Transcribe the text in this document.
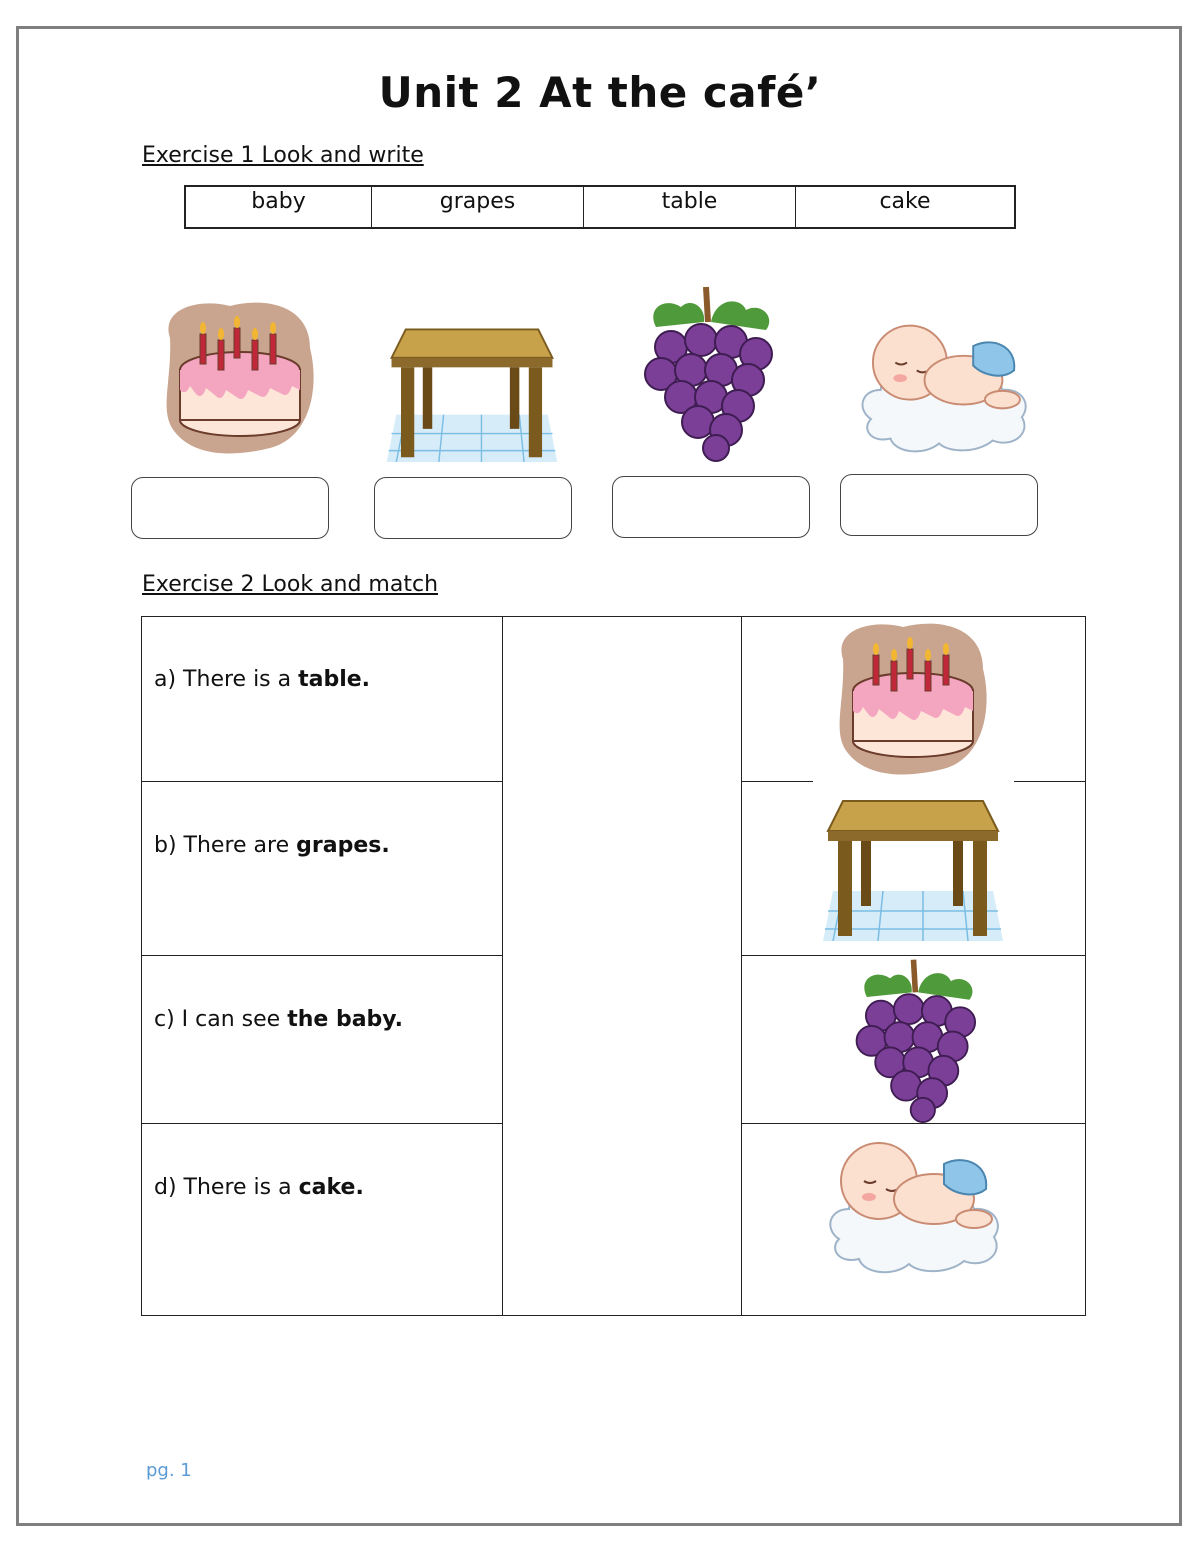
Unit 2 At the café’
Exercise 1 Look and write
baby	grapes	table	cake
Exercise 2 Look and match
a) There is a table.
b) There are grapes.
c) I can see the baby.
d) There is a cake.
pg. 1
